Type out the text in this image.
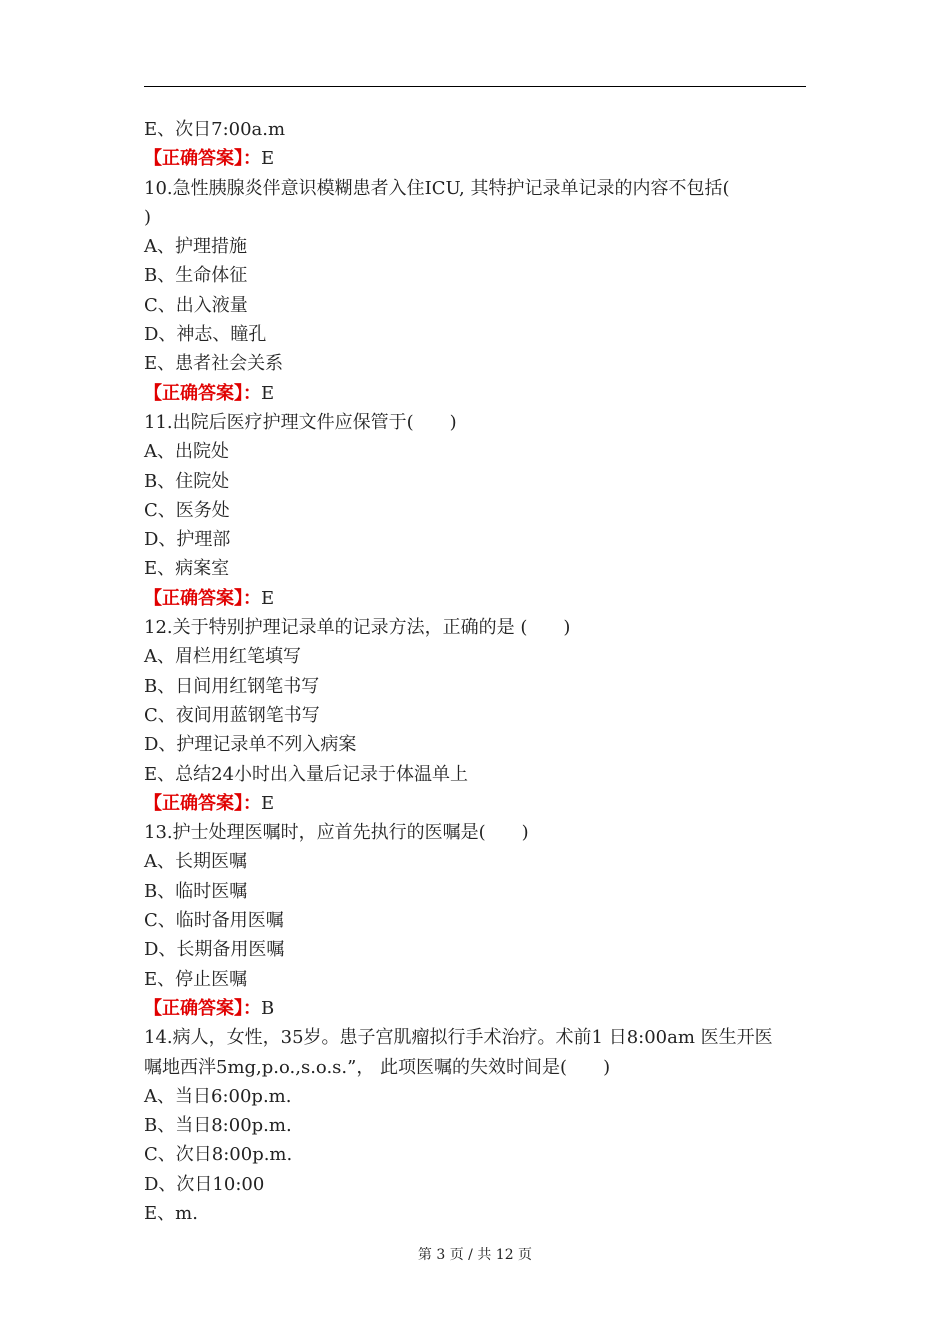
E、次日7:00a.m
【正确答案】：E
10.急性胰腺炎伴意识模糊患者入住ICU, 其特护记录单记录的内容不包括(
)
A、护理措施
B、生命体征
C、出入液量
D、神志、瞳孔
E、患者社会关系
【正确答案】：E
11.出院后医疗护理文件应保管于(　　)
A、出院处
B、住院处
C、医务处
D、护理部
E、病案室
【正确答案】：E
12.关于特别护理记录单的记录方法，正确的是 (　　)
A、眉栏用红笔填写
B、日间用红钢笔书写
C、夜间用蓝钢笔书写
D、护理记录单不列入病案
E、总结24小时出入量后记录于体温单上
【正确答案】：E
13.护士处理医嘱时，应首先执行的医嘱是(　　)
A、长期医嘱
B、临时医嘱
C、临时备用医嘱
D、长期备用医嘱
E、停止医嘱
【正确答案】：B
14.病人，女性，35岁。患子宫肌瘤拟行手术治疗。术前1 日8:00am 医生开医
嘱地西泮5mg,p.o.,s.o.s.”， 此项医嘱的失效时间是(　　)
A、当日6:00p.m.
B、当日8:00p.m.
C、次日8:00p.m.
D、次日10:00
E、m.
第 3 页 / 共 12 页
